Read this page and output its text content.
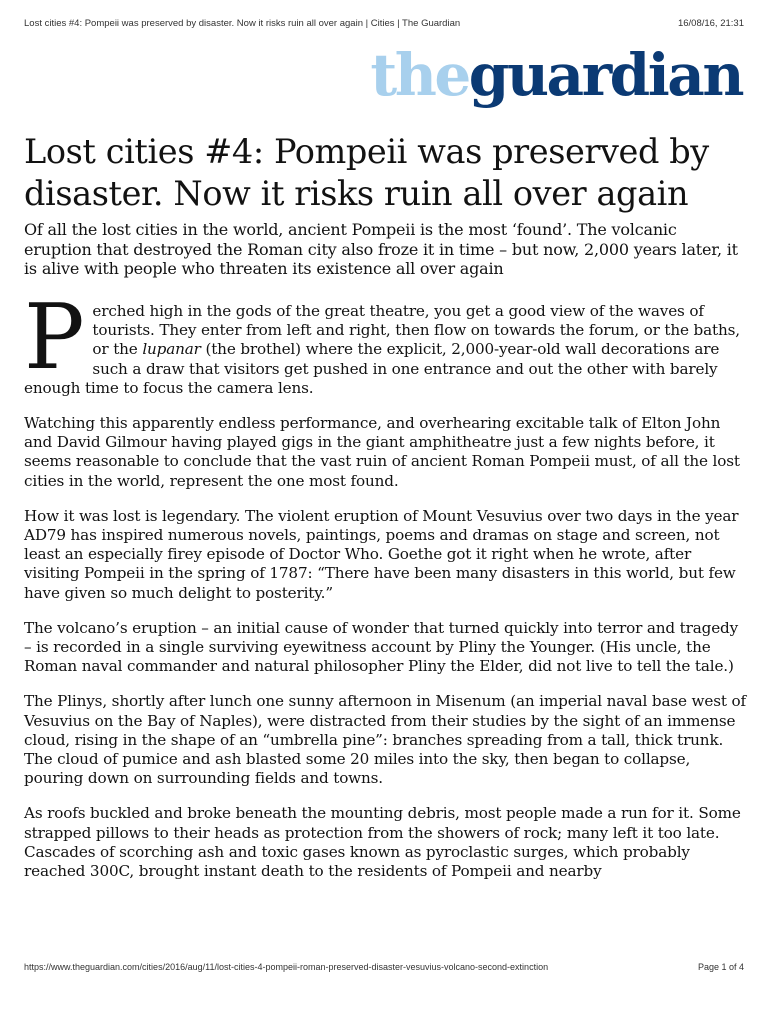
Lost cities #4: Pompeii was preserved by disaster. Now it risks ruin all over again | Cities | The Guardian	16/08/16, 21:31
theguardian
Lost cities #4: Pompeii was preserved by disaster. Now it risks ruin all over again

Of all the lost cities in the world, ancient Pompeii is the most ‘found’. The volcanic eruption that destroyed the Roman city also froze it in time – but now, 2,000 years later, it is alive with people who threaten its existence all over again

Perched high in the gods of the great theatre, you get a good view of the waves of tourists. They enter from left and right, then flow on towards the forum, or the baths, or the lupanar (the brothel) where the explicit, 2,000-year-old wall decorations are such a draw that visitors get pushed in one entrance and out the other with barely enough time to focus the camera lens.

Watching this apparently endless performance, and overhearing excitable talk of Elton John and David Gilmour having played gigs in the giant amphitheatre just a few nights before, it seems reasonable to conclude that the vast ruin of ancient Roman Pompeii must, of all the lost cities in the world, represent the one most found.

How it was lost is legendary. The violent eruption of Mount Vesuvius over two days in the year AD79 has inspired numerous novels, paintings, poems and dramas on stage and screen, not least an especially firey episode of Doctor Who. Goethe got it right when he wrote, after visiting Pompeii in the spring of 1787: “There have been many disasters in this world, but few have given so much delight to posterity.”

The volcano’s eruption – an initial cause of wonder that turned quickly into terror and tragedy – is recorded in a single surviving eyewitness account by Pliny the Younger. (His uncle, the Roman naval commander and natural philosopher Pliny the Elder, did not live to tell the tale.)

The Plinys, shortly after lunch one sunny afternoon in Misenum (an imperial naval base west of Vesuvius on the Bay of Naples), were distracted from their studies by the sight of an immense cloud, rising in the shape of an “umbrella pine”: branches spreading from a tall, thick trunk. The cloud of pumice and ash blasted some 20 miles into the sky, then began to collapse, pouring down on surrounding fields and towns.

As roofs buckled and broke beneath the mounting debris, most people made a run for it. Some strapped pillows to their heads as protection from the showers of rock; many left it too late. Cascades of scorching ash and toxic gases known as pyroclastic surges, which probably reached 300C, brought instant death to the residents of Pompeii and nearby

https://www.theguardian.com/cities/2016/aug/11/lost-cities-4-pompeii-roman-preserved-disaster-vesuvius-volcano-second-extinction	Page 1 of 4
